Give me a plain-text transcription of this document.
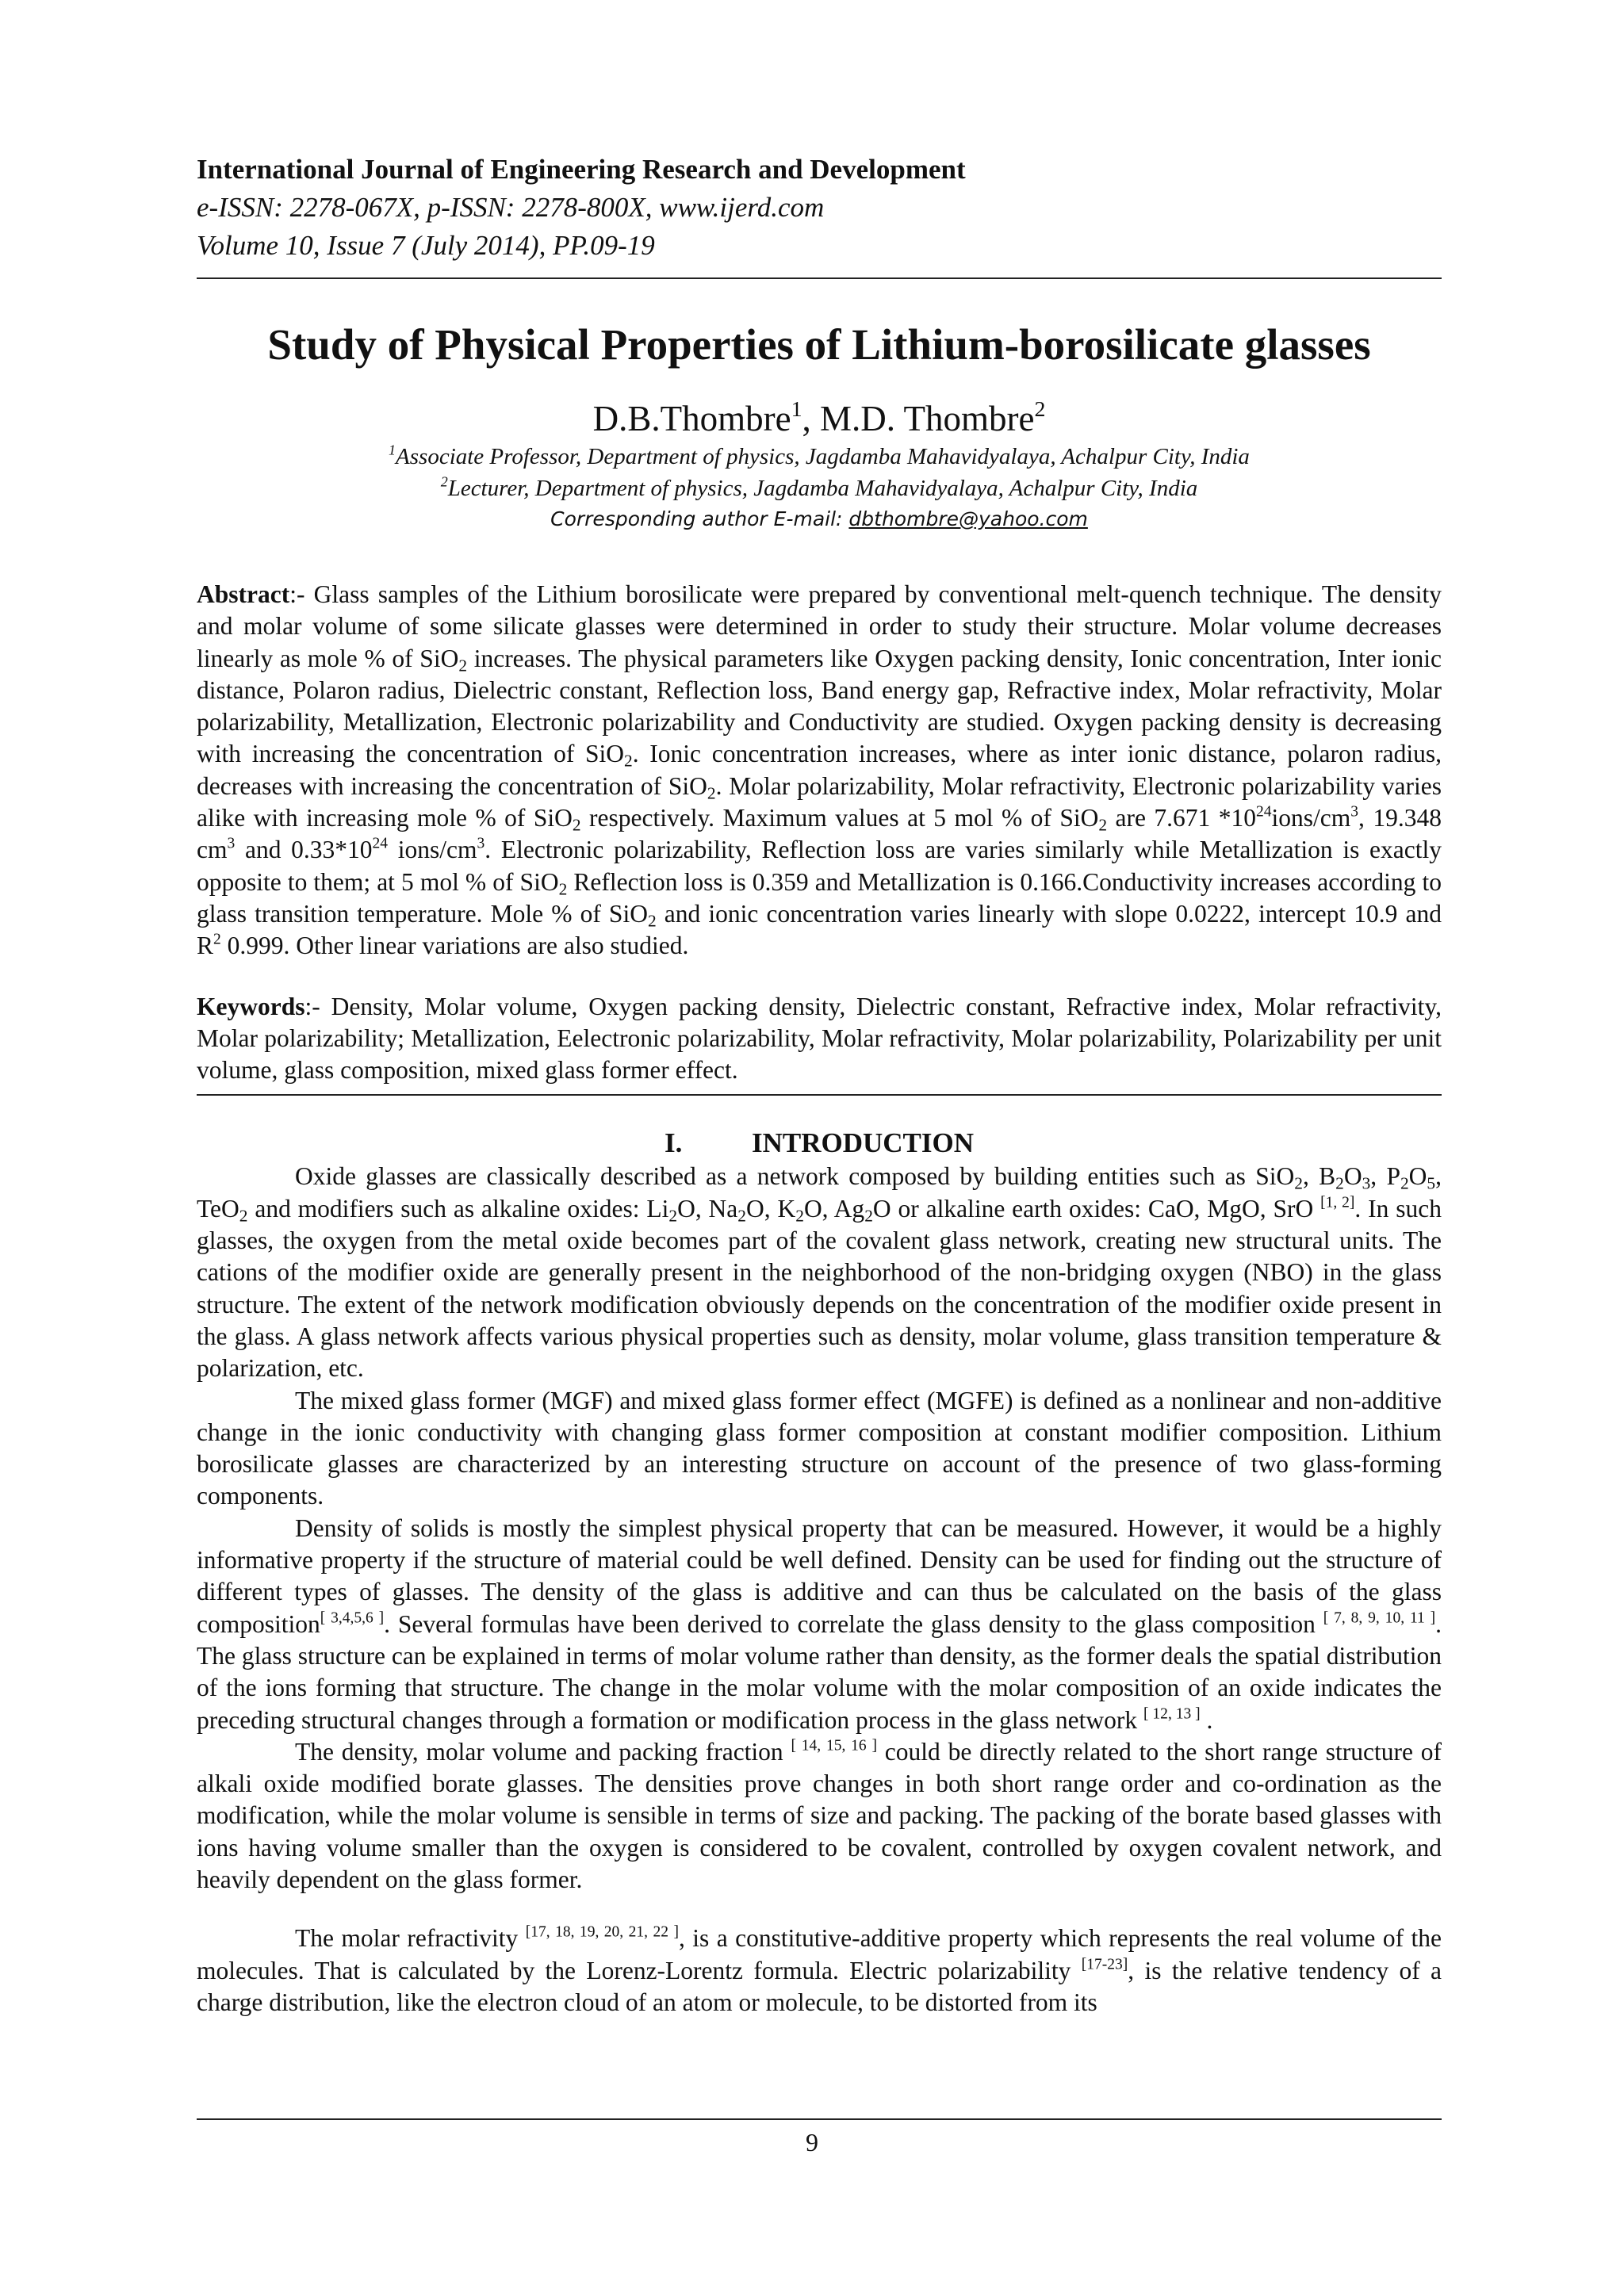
International Journal of Engineering Research and Development
e-ISSN: 2278-067X, p-ISSN: 2278-800X, www.ijerd.com
Volume 10, Issue 7 (July 2014), PP.09-19
Study of Physical Properties of Lithium-borosilicate glasses
D.B.Thombre$^1$, M.D. Thombre$^2$
$^1$Associate Professor, Department of physics, Jagdamba Mahavidyalaya, Achalpur City, India
$^2$Lecturer, Department of physics, Jagdamba Mahavidyalaya, Achalpur City, India
Corresponding author E-mail: dbthombre@yahoo.com
Abstract:- Glass samples of the Lithium borosilicate were prepared by conventional melt-quench technique. The density and molar volume of some silicate glasses were determined in order to study their structure. Molar volume decreases linearly as mole % of SiO$_2$ increases. The physical parameters like Oxygen packing density, Ionic concentration, Inter ionic distance, Polaron radius, Dielectric constant, Reflection loss, Band energy gap, Refractive index, Molar refractivity, Molar polarizability, Metallization, Electronic polarizability and Conductivity are studied. Oxygen packing density is decreasing with increasing the concentration of SiO$_2$. Ionic concentration increases, where as inter ionic distance, polaron radius, decreases with increasing the concentration of SiO$_2$. Molar polarizability, Molar refractivity, Electronic polarizability varies alike with increasing mole % of SiO$_2$ respectively. Maximum values at 5 mol % of SiO$_2$ are 7.671 $*10^{24}ions/cm^3$, 19.348 $cm^3$ and $0.33*10^{24}$ ions/$cm^3$. Electronic polarizability, Reflection loss are varies similarly while Metallization is exactly opposite to them; at 5 mol % of SiO$_2$ Reflection loss is 0.359 and Metallization is 0.166.Conductivity increases according to glass transition temperature. Mole % of SiO$_2$ and ionic concentration varies linearly with slope 0.0222, intercept 10.9 and $R^2$ 0.999. Other linear variations are also studied.
Keywords:- Density, Molar volume, Oxygen packing density, Dielectric constant, Refractive index, Molar refractivity, Molar polarizability; Metallization, Eelectronic polarizability, Molar refractivity, Molar polarizability, Polarizability per unit volume, glass composition, mixed glass former effect.
I.	INTRODUCTION

Oxide glasses are classically described as a network composed by building entities such as SiO$_2$, $B_2O_3$, $P_2O_5$, TeO$_2$ and modifiers such as alkaline oxides: $Li_2O$, $Na_2O$, $K_2O$, $Ag_2O$ or alkaline earth oxides: CaO, MgO, SrO [1, 2]. In such glasses, the oxygen from the metal oxide becomes part of the covalent glass network, creating new structural units. The cations of the modifier oxide are generally present in the neighborhood of the non-bridging oxygen (NBO) in the glass structure. The extent of the network modification obviously depends on the concentration of the modifier oxide present in the glass. A glass network affects various physical properties such as density, molar volume, glass transition temperature & polarization, etc.

The mixed glass former (MGF) and mixed glass former effect (MGFE) is defined as a nonlinear and non-additive change in the ionic conductivity with changing glass former composition at constant modifier composition. Lithium borosilicate glasses are characterized by an interesting structure on account of the presence of two glass-forming components.

Density of solids is mostly the simplest physical property that can be measured. However, it would be a highly informative property if the structure of material could be well defined. Density can be used for finding out the structure of different types of glasses. The density of the glass is additive and can thus be calculated on the basis of the glass composition[ 3,4,5,6 ]. Several formulas have been derived to correlate the glass density to the glass composition [ 7, 8, 9, 10, 11 ]. The glass structure can be explained in terms of molar volume rather than density, as the former deals the spatial distribution of the ions forming that structure. The change in the molar volume with the molar composition of an oxide indicates the preceding structural changes through a formation or modification process in the glass network [ 12, 13 ] .

The density, molar volume and packing fraction [ 14, 15, 16 ] could be directly related to the short range structure of alkali oxide modified borate glasses. The densities prove changes in both short range order and co-ordination as the modification, while the molar volume is sensible in terms of size and packing. The packing of the borate based glasses with ions having volume smaller than the oxygen is considered to be covalent, controlled by oxygen covalent network, and heavily dependent on the glass former.

The molar refractivity [17, 18, 19, 20, 21, 22 ], is a constitutive-additive property which represents the real volume of the molecules. That is calculated by the Lorenz-Lorentz formula. Electric polarizability [17-23], is the relative tendency of a charge distribution, like the electron cloud of an atom or molecule, to be distorted from its

9
